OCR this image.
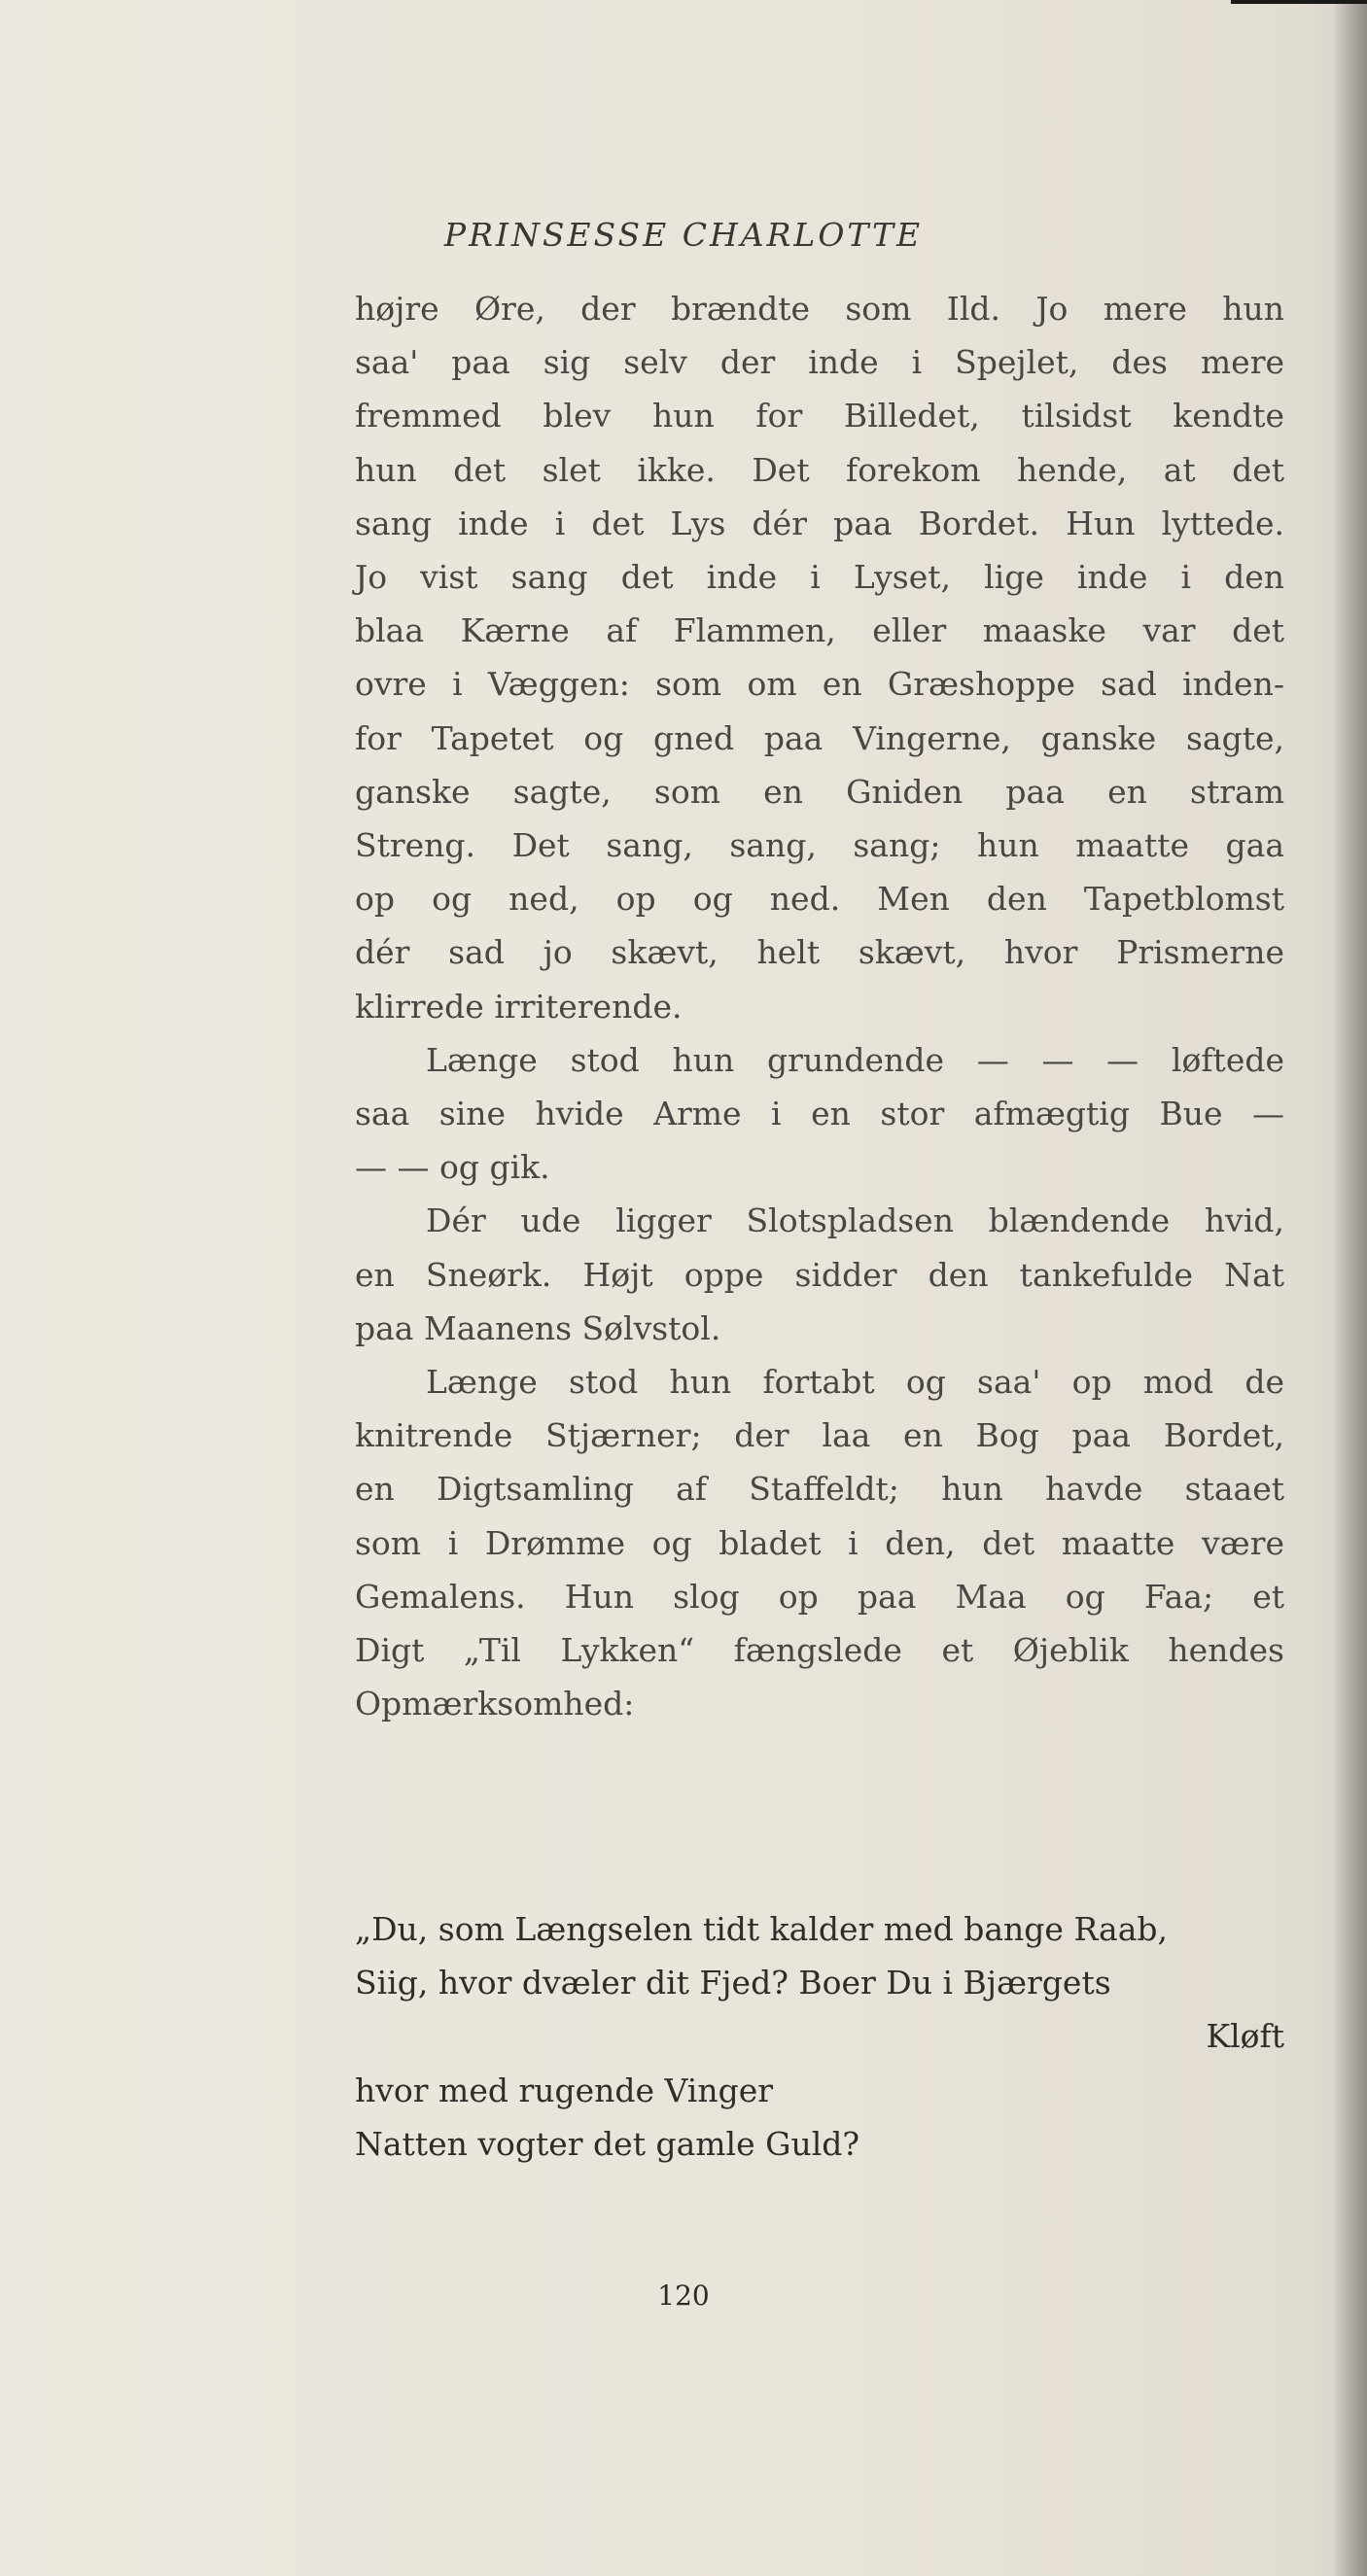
PRINSESSE CHARLOTTE
højre Øre, der brændte som Ild. Jo mere hun
saa' paa sig selv der inde i Spejlet, des mere
fremmed blev hun for Billedet, tilsidst kendte
hun det slet ikke. Det forekom hende, at det
sang inde i det Lys dér paa Bordet. Hun lyttede.
Jo vist sang det inde i Lyset, lige inde i den
blaa Kærne af Flammen, eller maaske var det
ovre i Væggen: som om en Græshoppe sad inden-
for Tapetet og gned paa Vingerne, ganske sagte,
ganske sagte, som en Gniden paa en stram
Streng. Det sang, sang, sang; hun maatte gaa
op og ned, op og ned. Men den Tapetblomst
dér sad jo skævt, helt skævt, hvor Prismerne
klirrede irriterende.
Længe stod hun grundende — — — løftede
saa sine hvide Arme i en stor afmægtig Bue —
— — og gik.
Dér ude ligger Slotspladsen blændende hvid,
en Sneørk. Højt oppe sidder den tankefulde Nat
paa Maanens Sølvstol.
Længe stod hun fortabt og saa' op mod de
knitrende Stjærner; der laa en Bog paa Bordet,
en Digtsamling af Staffeldt; hun havde staaet
som i Drømme og bladet i den, det maatte være
Gemalens. Hun slog op paa Maa og Faa; et
Digt „Til Lykken“ fængslede et Øjeblik hendes
Opmærksomhed:
„Du, som Længselen tidt kalder med bange Raab,
Siig, hvor dvæler dit Fjed? Boer Du i Bjærgets
Kløft
hvor med rugende Vinger
Natten vogter det gamle Guld?
120
